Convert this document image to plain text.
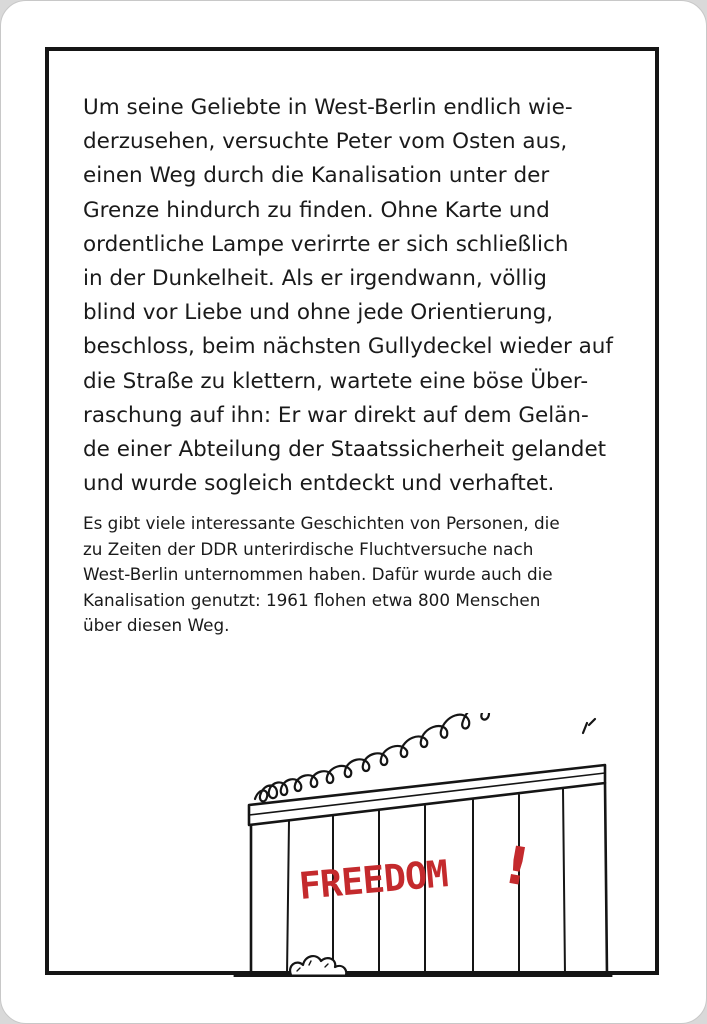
Um seine Geliebte in West-Berlin endlich wie-
derzusehen, versuchte Peter vom Osten aus,
einen Weg durch die Kanalisation unter der
Grenze hindurch zu finden. Ohne Karte und
ordentliche Lampe verirrte er sich schließlich
in der Dunkelheit. Als er irgendwann, völlig
blind vor Liebe und ohne jede Orientierung,
beschloss, beim nächsten Gullydeckel wieder auf
die Straße zu klettern, wartete eine böse Über-
raschung auf ihn: Er war direkt auf dem Gelän-
de einer Abteilung der Staatssicherheit gelandet
und wurde sogleich entdeckt und verhaftet.

Es gibt viele interessante Geschichten von Personen, die
zu Zeiten der DDR unterirdische Fluchtversuche nach
West-Berlin unternommen haben. Dafür wurde auch die
Kanalisation genutzt: 1961 flohen etwa 800 Menschen
über diesen Weg.

FREEDOM !
